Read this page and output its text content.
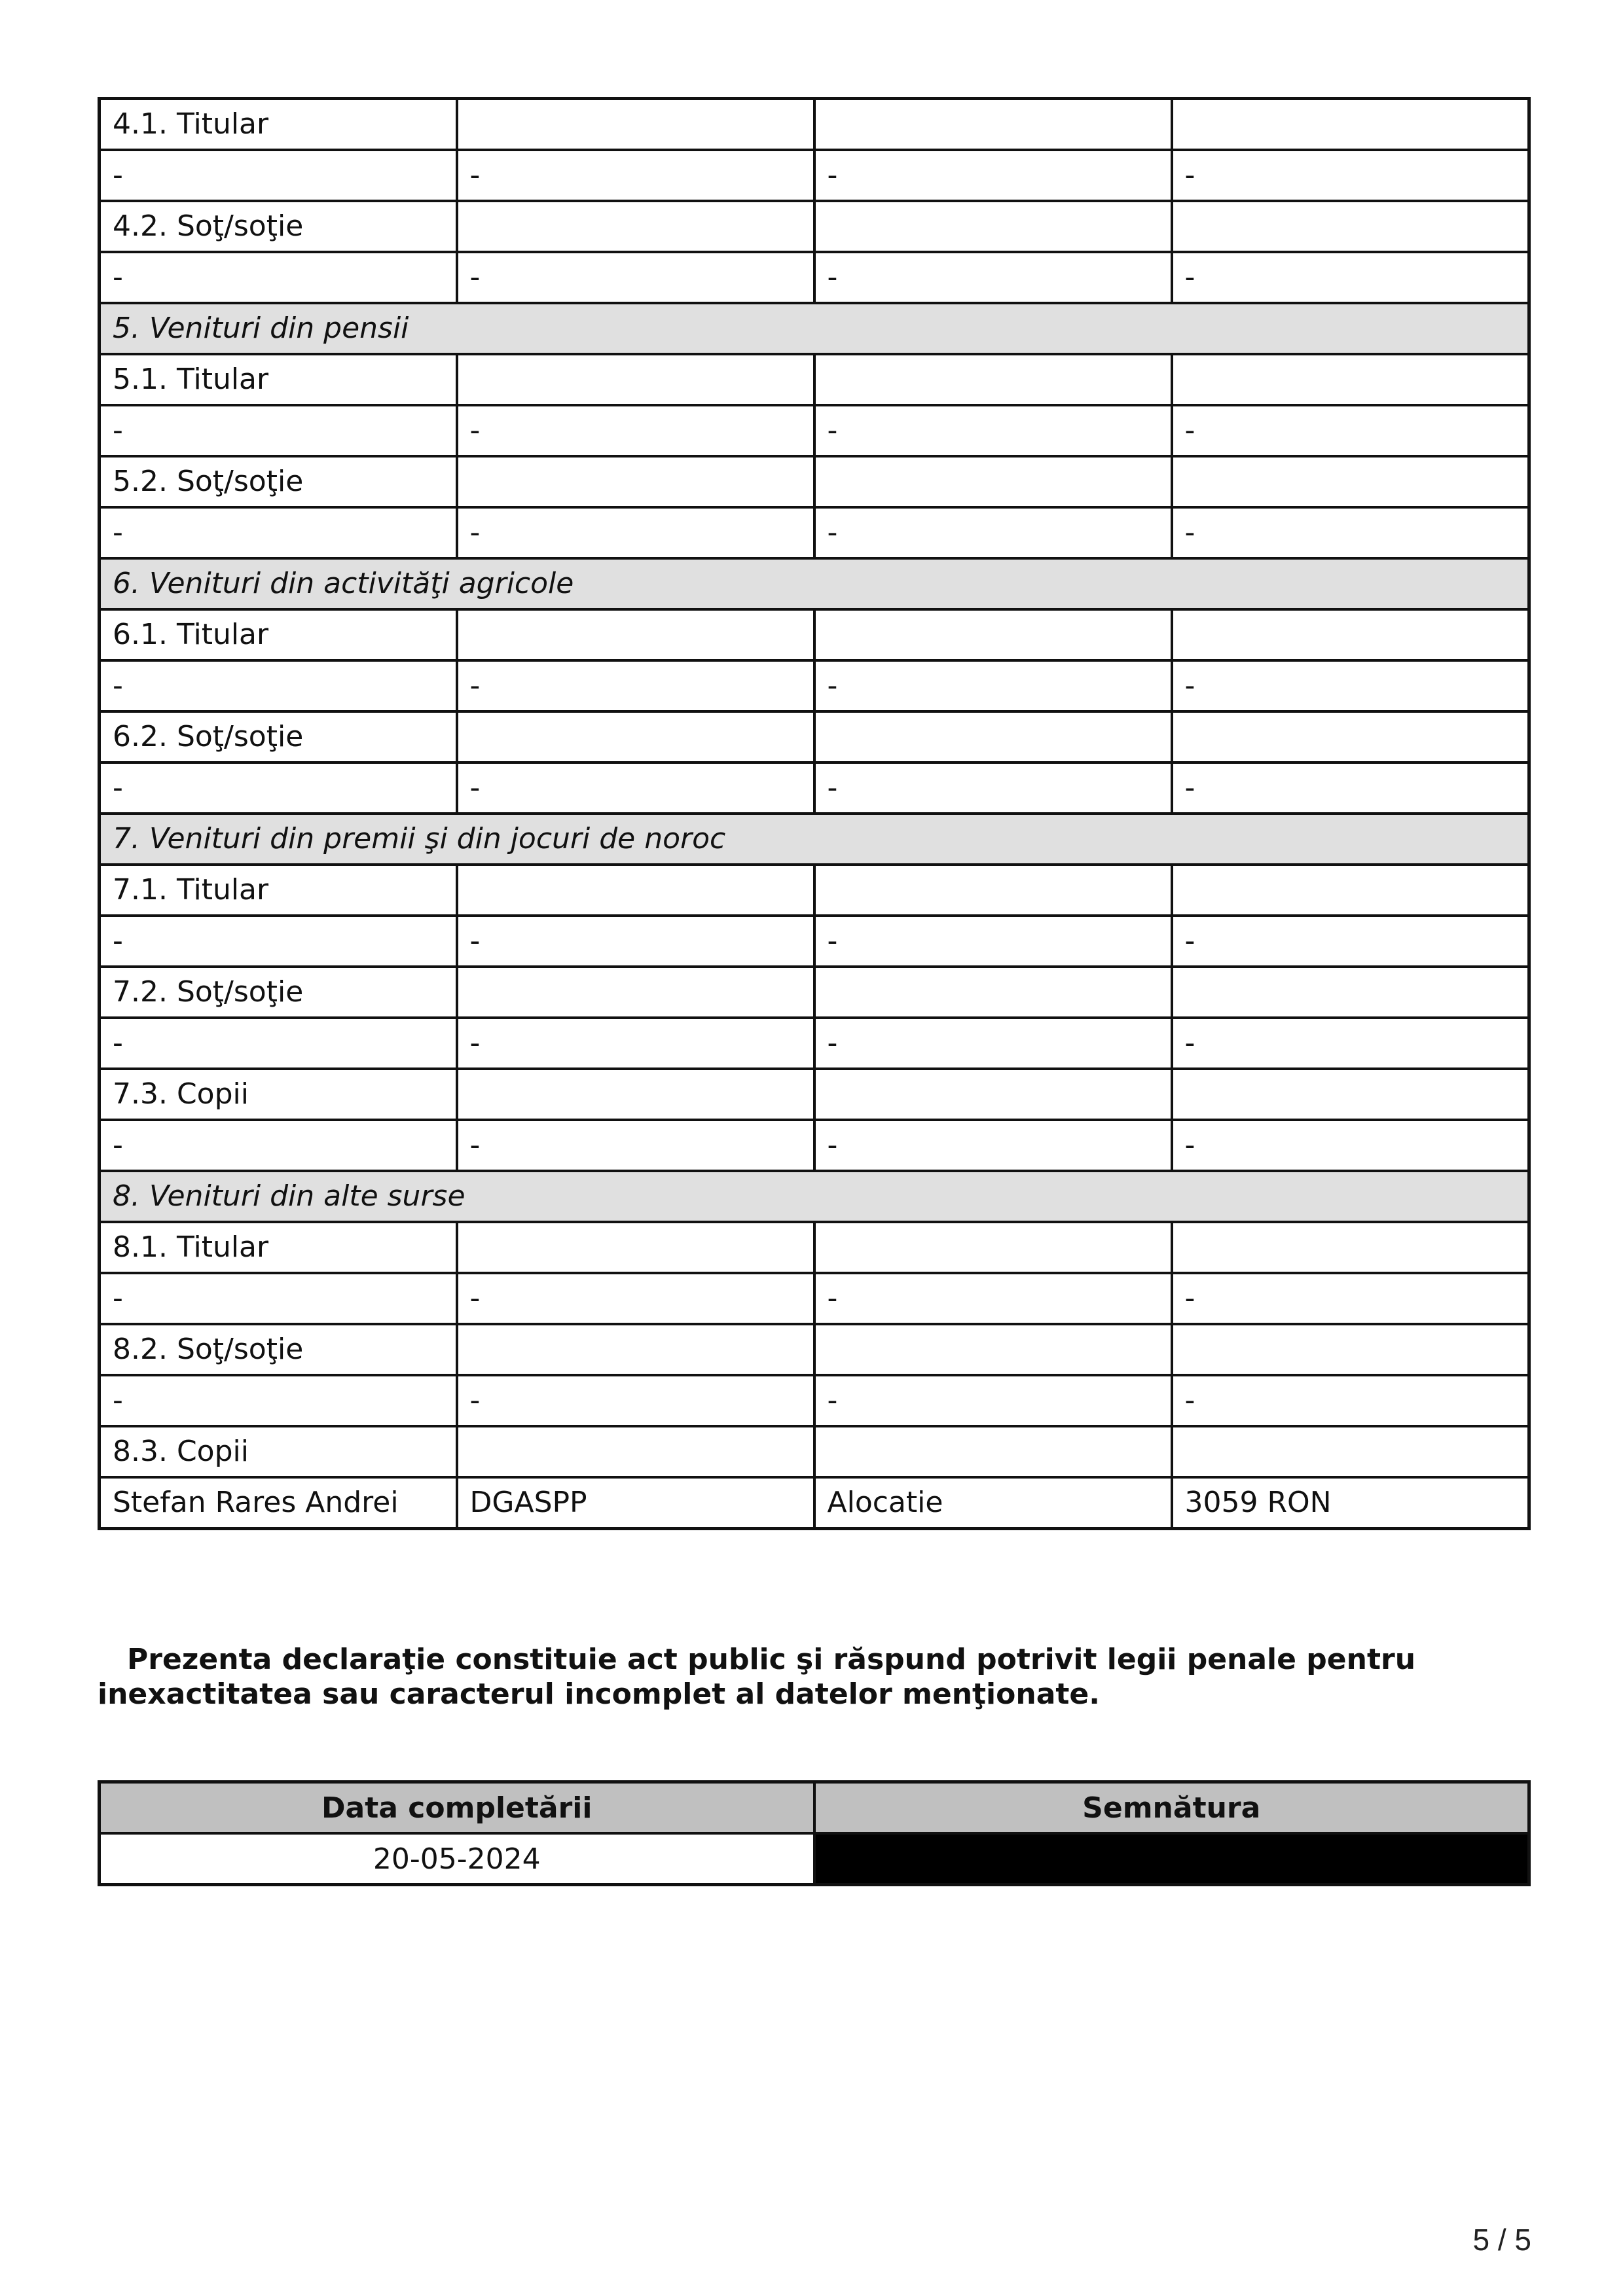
4.1. Titular			
-	-	-	-
4.2. Soţ/soţie			
-	-	-	-
5. Venituri din pensii			
5.1. Titular			
-	-	-	-
5.2. Soţ/soţie			
-	-	-	-
6. Venituri din activităţi agricole			
6.1. Titular			
-	-	-	-
6.2. Soţ/soţie			
-	-	-	-
7. Venituri din premii şi din jocuri de noroc			
7.1. Titular			
-	-	-	-
7.2. Soţ/soţie			
-	-	-	-
7.3. Copii			
-	-	-	-
8. Venituri din alte surse			
8.1. Titular			
-	-	-	-
8.2. Soţ/soţie			
-	-	-	-
8.3. Copii			
Stefan Rares Andrei	DGASPP	Alocatie	3059 RON
Prezenta declaraţie constituie act public şi răspund potrivit legii penale pentru inexactitatea sau caracterul incomplet al datelor menţionate.
Data completării	Semnătura
20-05-2024	
5 / 5
